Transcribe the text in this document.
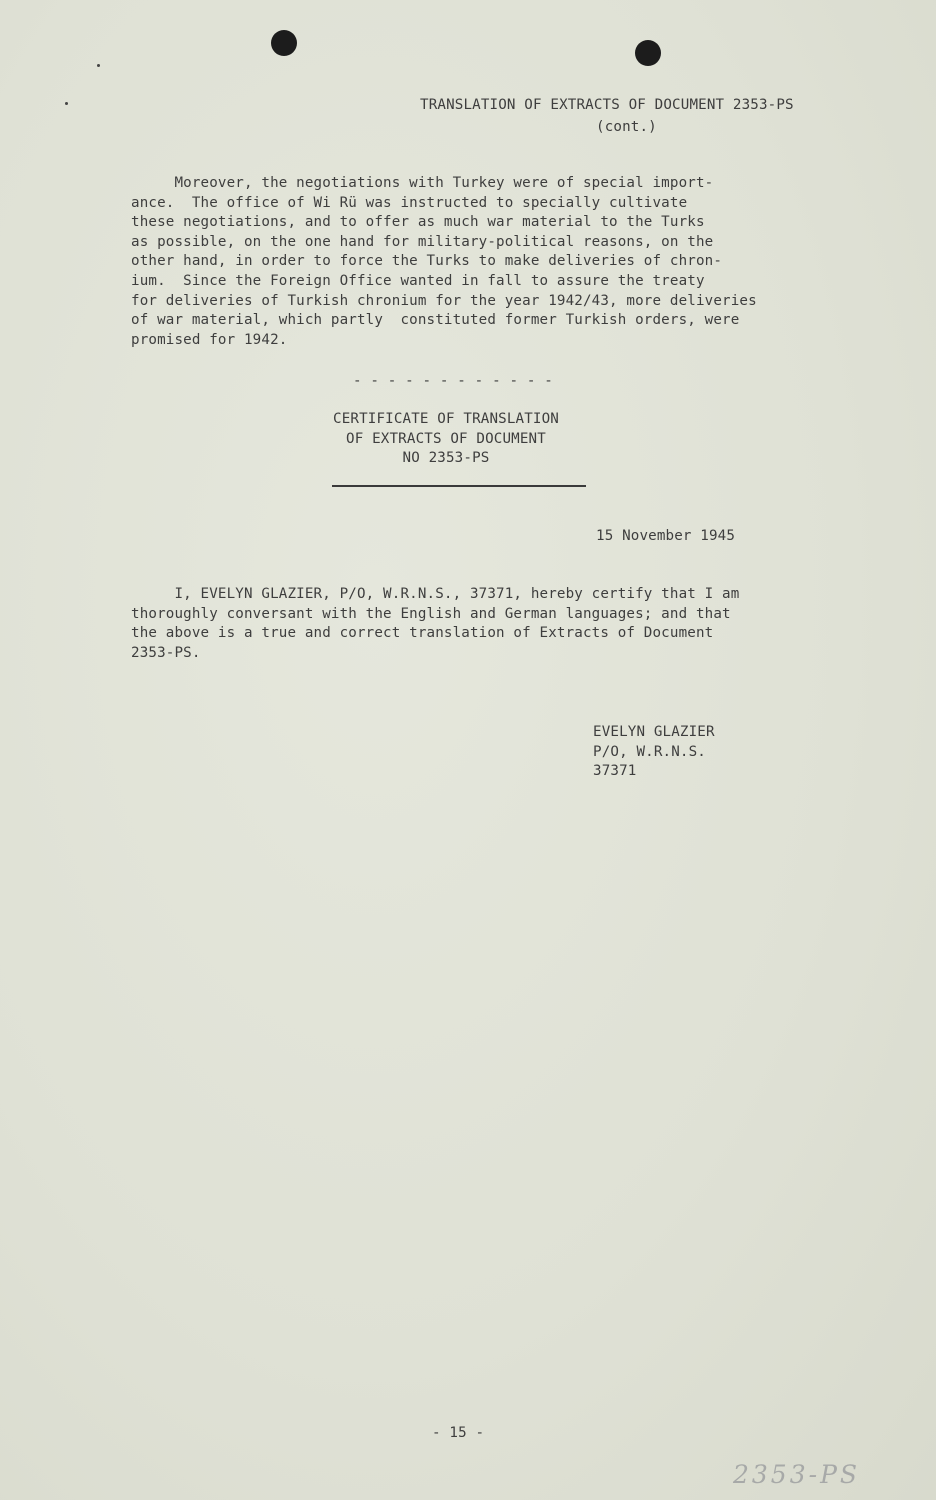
TRANSLATION OF EXTRACTS OF DOCUMENT 2353-PS
(cont.)
Moreover, the negotiations with Turkey were of special import-
ance.  The office of Wi Rü was instructed to specially cultivate
these negotiations, and to offer as much war material to the Turks
as possible, on the one hand for military-political reasons, on the
other hand, in order to force the Turks to make deliveries of chron-
ium.  Since the Foreign Office wanted in fall to assure the treaty
for deliveries of Turkish chronium for the year 1942/43, more deliveries
of war material, which partly  constituted former Turkish orders, were
promised for 1942.
- - - - - - - - - - - -
CERTIFICATE OF TRANSLATION
OF EXTRACTS OF DOCUMENT
NO 2353-PS
15 November 1945
I, EVELYN GLAZIER, P/O, W.R.N.S., 37371, hereby certify that I am
thoroughly conversant with the English and German languages; and that
the above is a true and correct translation of Extracts of Document
2353-PS.
EVELYN GLAZIER
P/O, W.R.N.S.
37371
- 15 -
2353-PS
